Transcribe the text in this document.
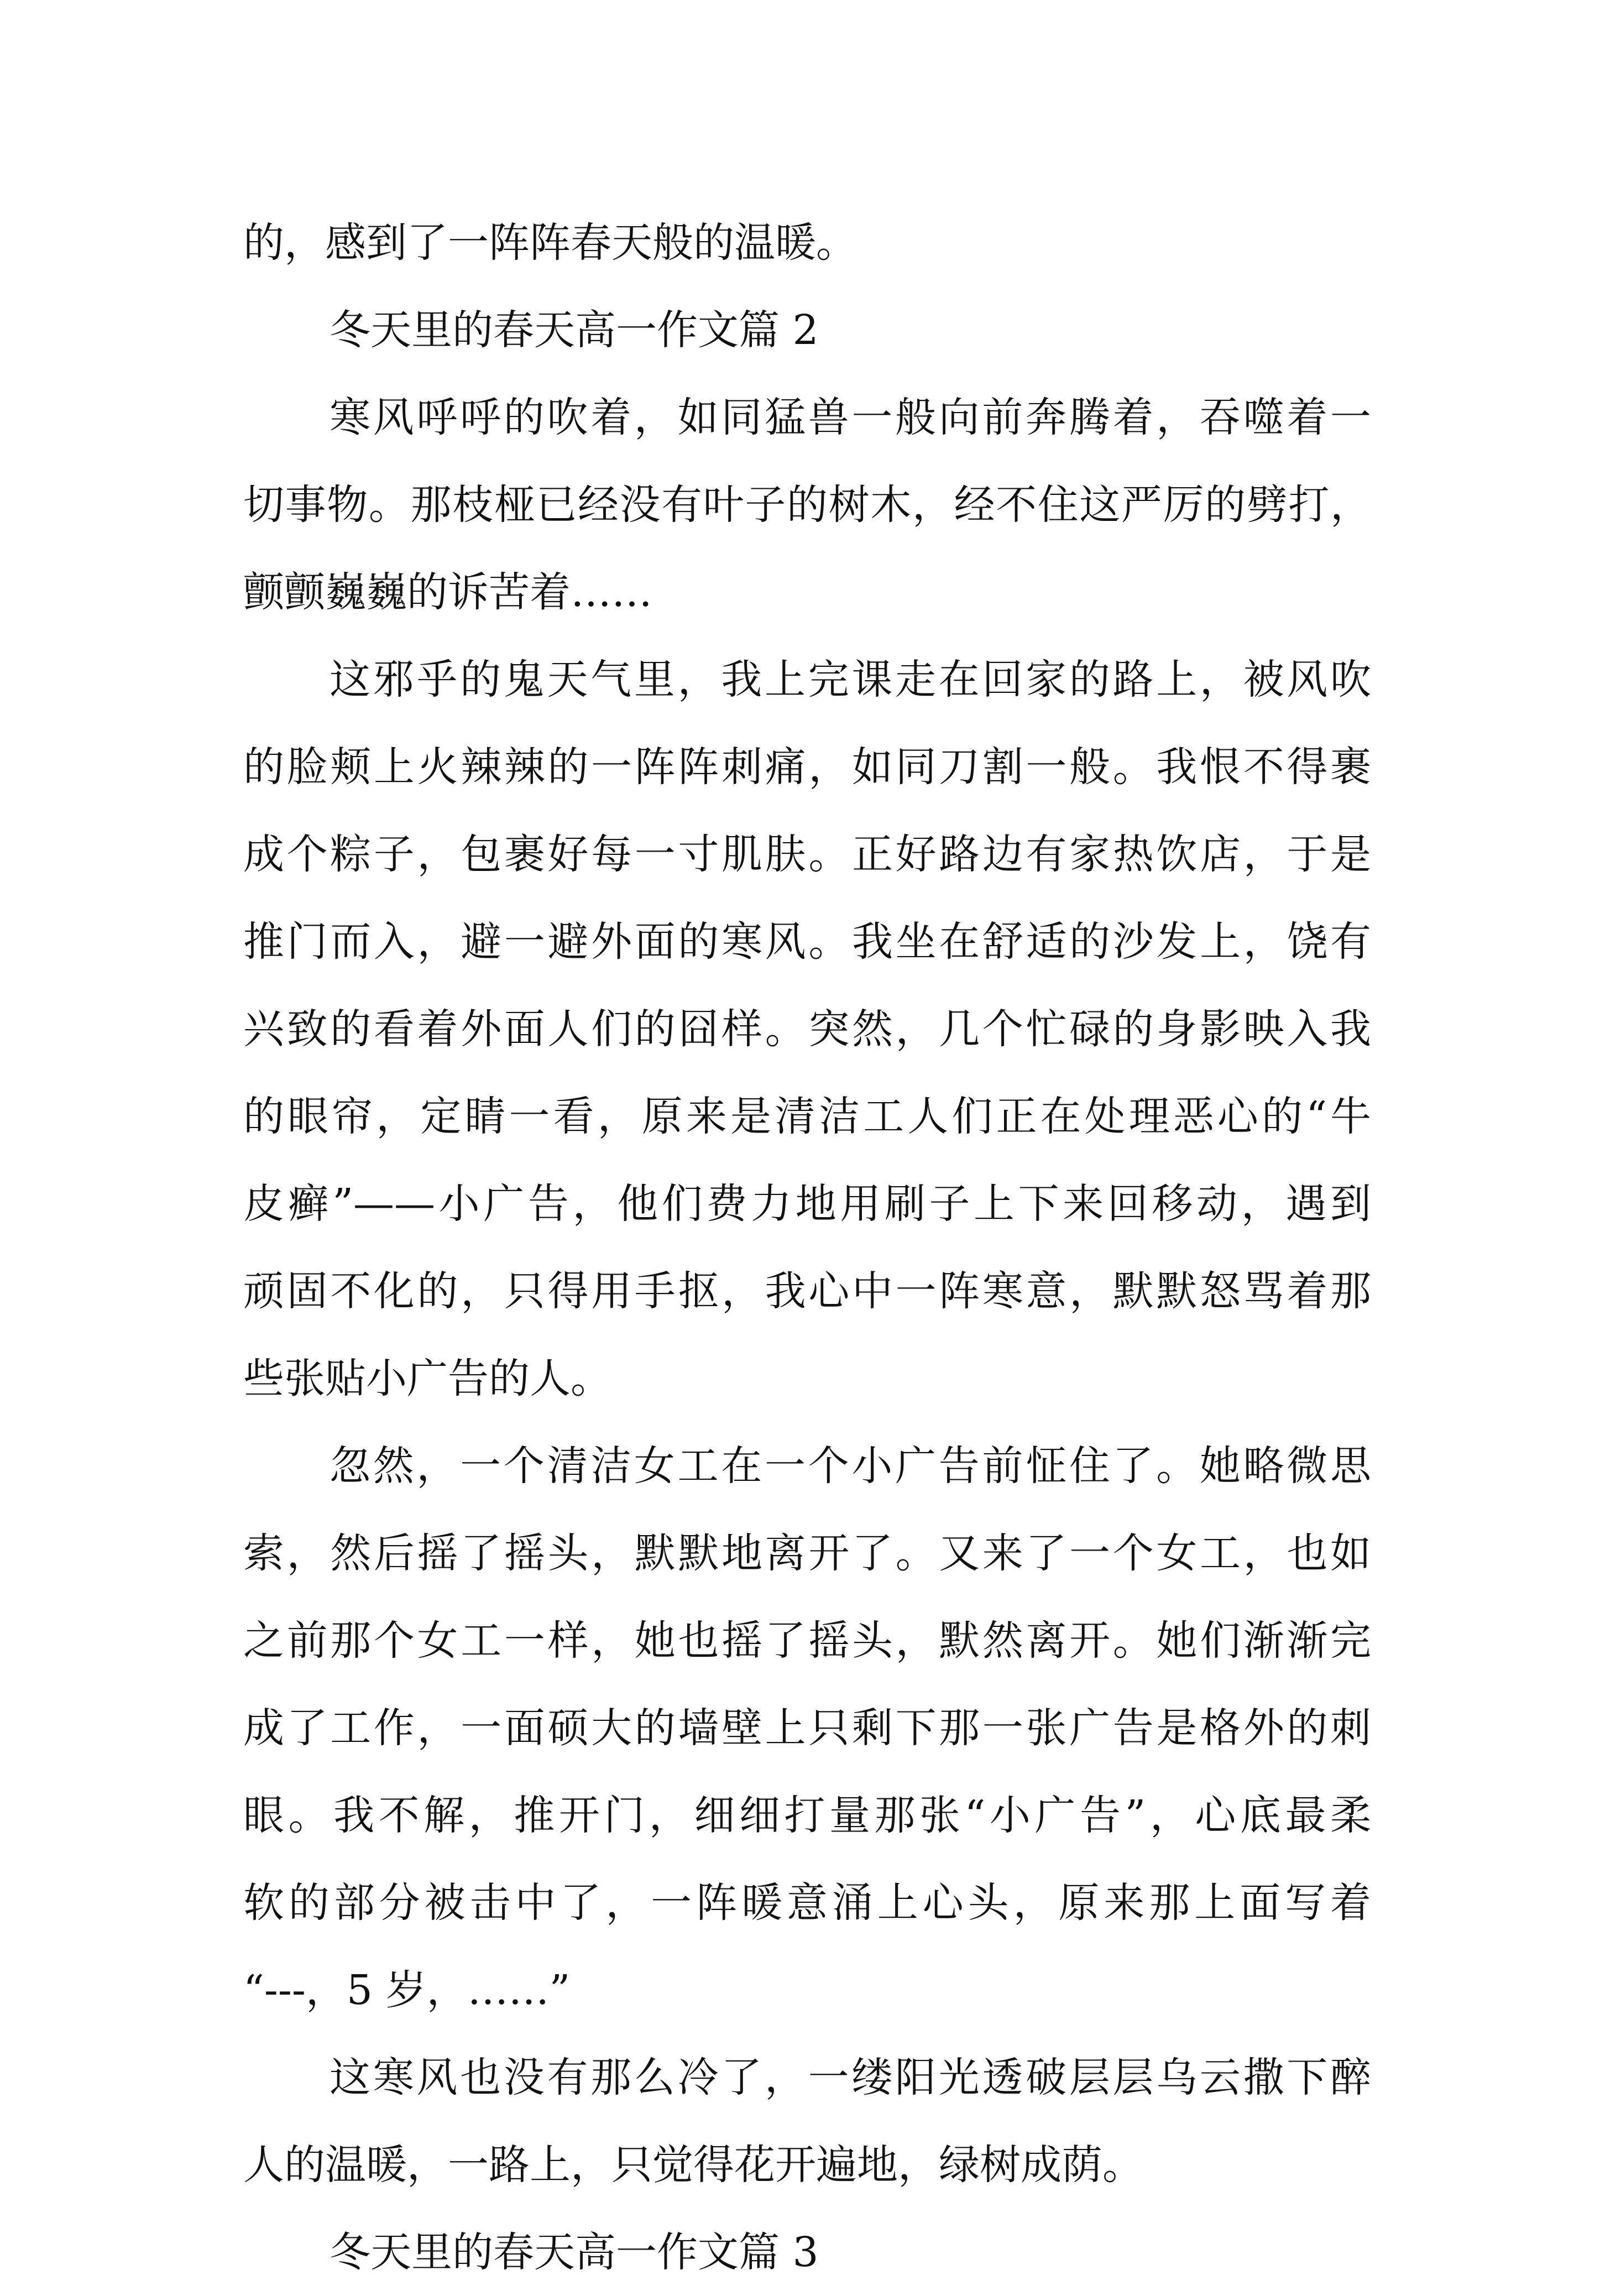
的，感到了一阵阵春天般的温暖。
冬天里的春天高一作文篇 2
寒风呼呼的吹着，如同猛兽一般向前奔腾着，吞噬着一
切事物。那枝桠已经没有叶子的树木，经不住这严厉的劈打，
颤颤巍巍的诉苦着……
这邪乎的鬼天气里，我上完课走在回家的路上，被风吹
的脸颊上火辣辣的一阵阵刺痛，如同刀割一般。我恨不得裹
成个粽子，包裹好每一寸肌肤。正好路边有家热饮店，于是
推门而入，避一避外面的寒风。我坐在舒适的沙发上，饶有
兴致的看着外面人们的囧样。突然，几个忙碌的身影映入我
的眼帘，定睛一看，原来是清洁工人们正在处理恶心的“牛
皮癣”——小广告，他们费力地用刷子上下来回移动，遇到
顽固不化的，只得用手抠，我心中一阵寒意，默默怒骂着那
些张贴小广告的人。
忽然，一个清洁女工在一个小广告前怔住了。她略微思
索，然后摇了摇头，默默地离开了。又来了一个女工，也如
之前那个女工一样，她也摇了摇头，默然离开。她们渐渐完
成了工作，一面硕大的墙壁上只剩下那一张广告是格外的刺
眼。我不解，推开门，细细打量那张“小广告”，心底最柔
软的部分被击中了，一阵暖意涌上心头，原来那上面写着
“---，5 岁，……”
这寒风也没有那么冷了，一缕阳光透破层层乌云撒下醉
人的温暖，一路上，只觉得花开遍地，绿树成荫。
冬天里的春天高一作文篇 3
